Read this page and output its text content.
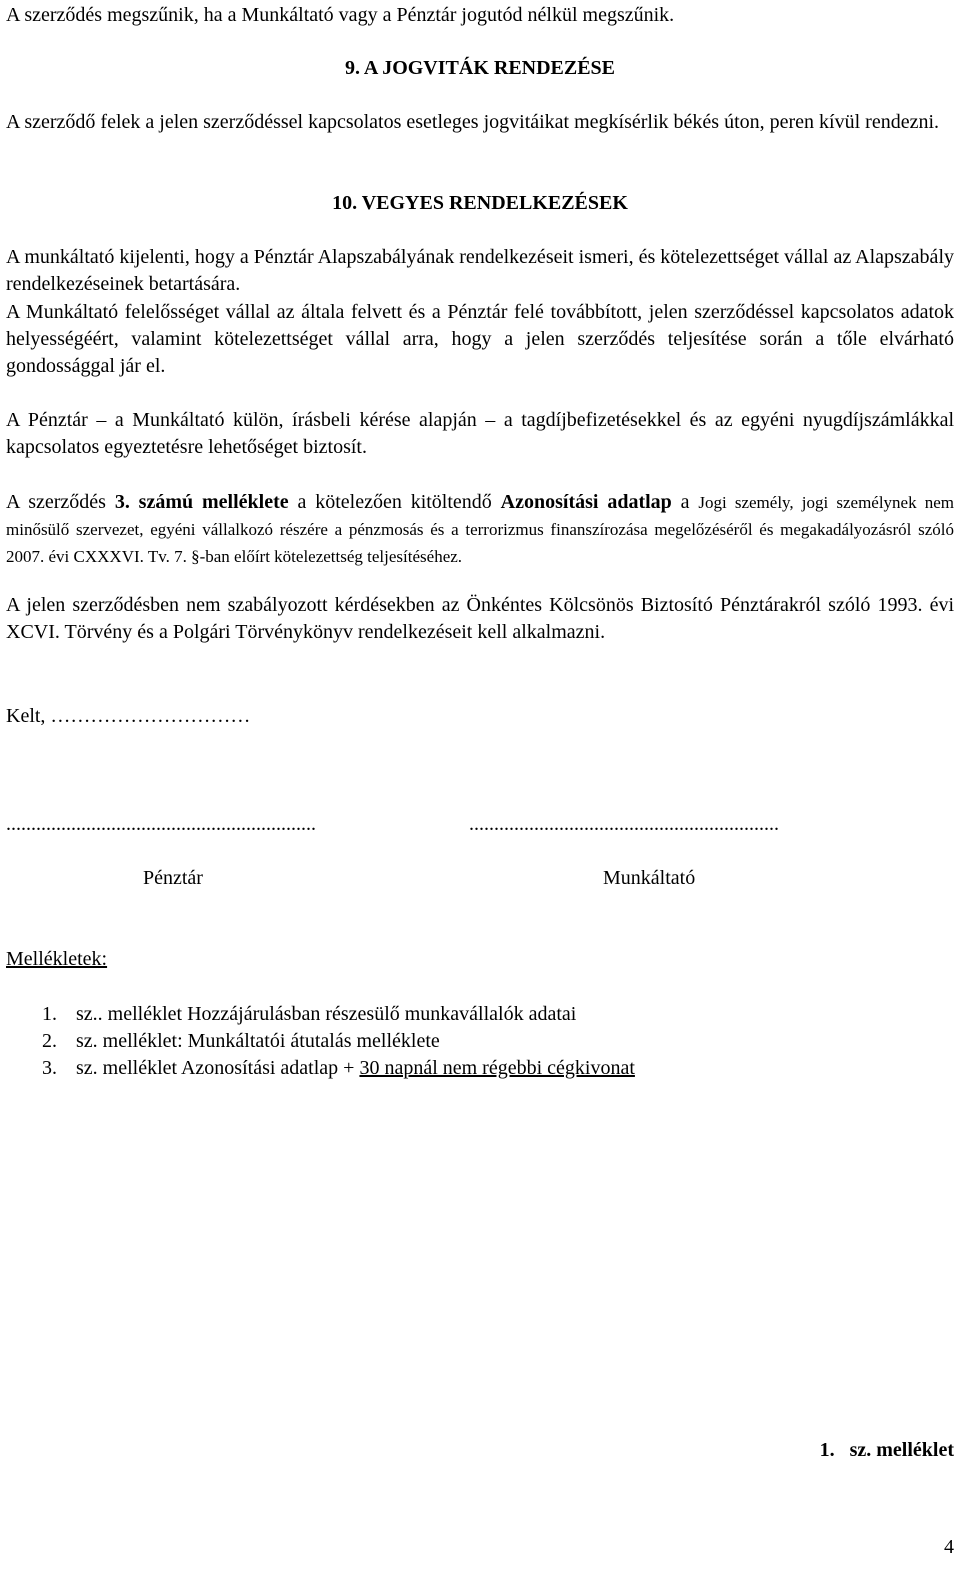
A szerződés megszűnik, ha a Munkáltató vagy a Pénztár jogutód nélkül megszűnik.
9. A JOGVITÁK RENDEZÉSE
A szerződő felek a jelen szerződéssel kapcsolatos esetleges jogvitáikat megkísérlik békés úton, peren kívül rendezni.
10. VEGYES RENDELKEZÉSEK
A munkáltató kijelenti, hogy a Pénztár Alapszabályának rendelkezéseit ismeri, és kötelezettséget vállal az Alapszabály rendelkezéseinek betartására.
A Munkáltató felelősséget vállal az általa felvett és a Pénztár felé továbbított, jelen szerződéssel kapcsolatos adatok helyességéért, valamint kötelezettséget vállal arra, hogy a jelen szerződés teljesítése során a tőle elvárható gondossággal jár el.
A Pénztár – a Munkáltató külön, írásbeli kérése alapján – a tagdíjbefizetésekkel és az egyéni nyugdíjszámlákkal kapcsolatos egyeztetésre lehetőséget biztosít.
A szerződés 3. számú melléklete a kötelezően kitöltendő Azonosítási adatlap a Jogi személy, jogi személynek nem minősülő szervezet, egyéni vállalkozó részére a pénzmosás és a terrorizmus finanszírozása megelőzéséről és megakadályozásról szóló 2007. évi CXXXVI. Tv. 7. §-ban előírt kötelezettség teljesítéséhez.
A jelen szerződésben nem szabályozott kérdésekben az Önkéntes Kölcsönös Biztosító Pénztárakról szóló 1993. évi XCVI. Törvény és a Polgári Törvénykönyv rendelkezéseit kell alkalmazni.
Kelt, …………………………
..............................................................	..............................................................
Pénztár	Munkáltató
Mellékletek:
1. sz.. melléklet Hozzájárulásban részesülő munkavállalók adatai
2. sz. melléklet: Munkáltatói átutalás melléklete
3. sz. melléklet Azonosítási adatlap + 30 napnál nem régebbi cégkivonat
1.   sz. melléklet
4
